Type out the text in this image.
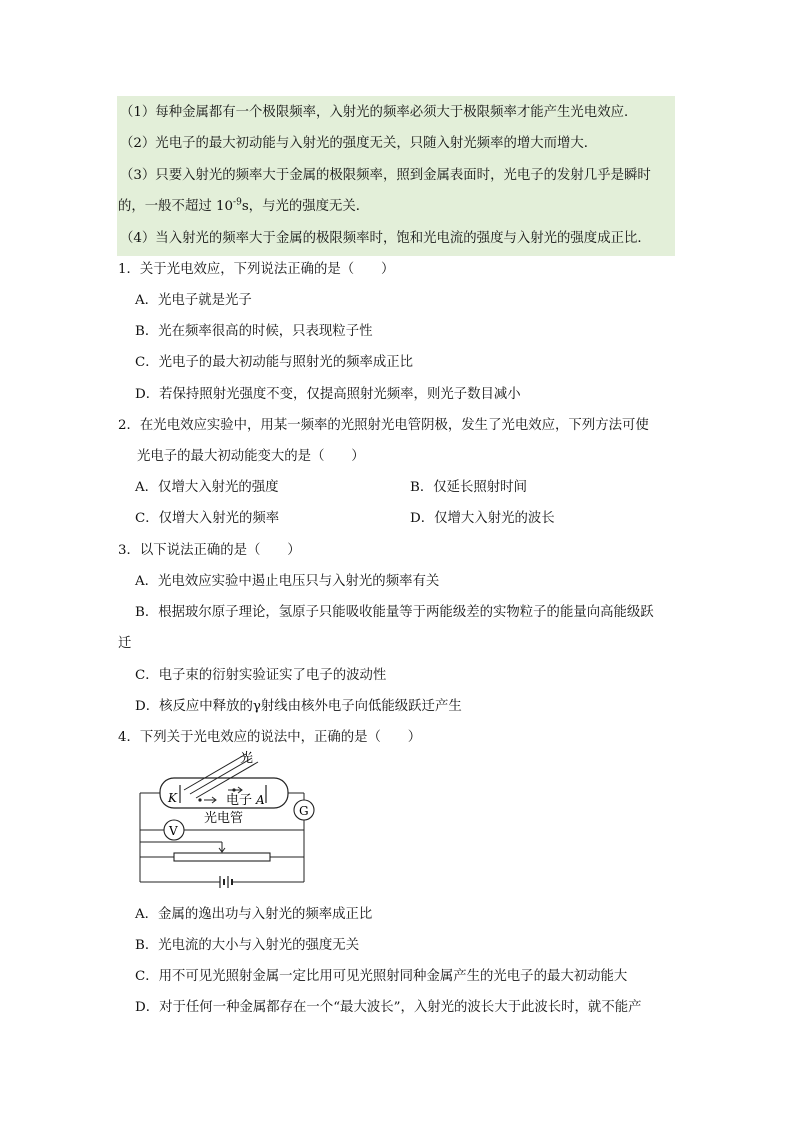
（1）每种金属都有一个极限频率，入射光的频率必须大于极限频率才能产生光电效应．
（2）光电子的最大初动能与入射光的强度无关，只随入射光频率的增大而增大．
（3）只要入射光的频率大于金属的极限频率，照到金属表面时，光电子的发射几乎是瞬时
的，一般不超过 $10^{-9}s$，与光的强度无关．
（4）当入射光的频率大于金属的极限频率时，饱和光电流的强度与入射光的强度成正比．
1．关于光电效应，下列说法正确的是（　　）
A．光电子就是光子
B．光在频率很高的时候，只表现粒子性
C．光电子的最大初动能与照射光的频率成正比
D．若保持照射光强度不变，仅提高照射光频率，则光子数目减小
2．在光电效应实验中，用某一频率的光照射光电管阴极，发生了光电效应，下列方法可使
光电子的最大初动能变大的是（　　）
A．仅增大入射光的强度	B．仅延长照射时间
C．仅增大入射光的频率	D．仅增大入射光的波长
3．以下说法正确的是（　　）
A．光电效应实验中遏止电压只与入射光的频率有关
B．根据玻尔原子理论，氢原子只能吸收能量等于两能级差的实物粒子的能量向高能级跃
迁
C．电子束的衍射实验证实了电子的波动性
D．核反应中释放的γ射线由核外电子向低能级跃迁产生
4．下列关于光电效应的说法中，正确的是（　　）
光
K	电子 A
光电管	G
V
A．金属的逸出功与入射光的频率成正比
B．光电流的大小与入射光的强度无关
C．用不可见光照射金属一定比用可见光照射同种金属产生的光电子的最大初动能大
D．对于任何一种金属都存在一个“最大波长”，入射光的波长大于此波长时，就不能产
